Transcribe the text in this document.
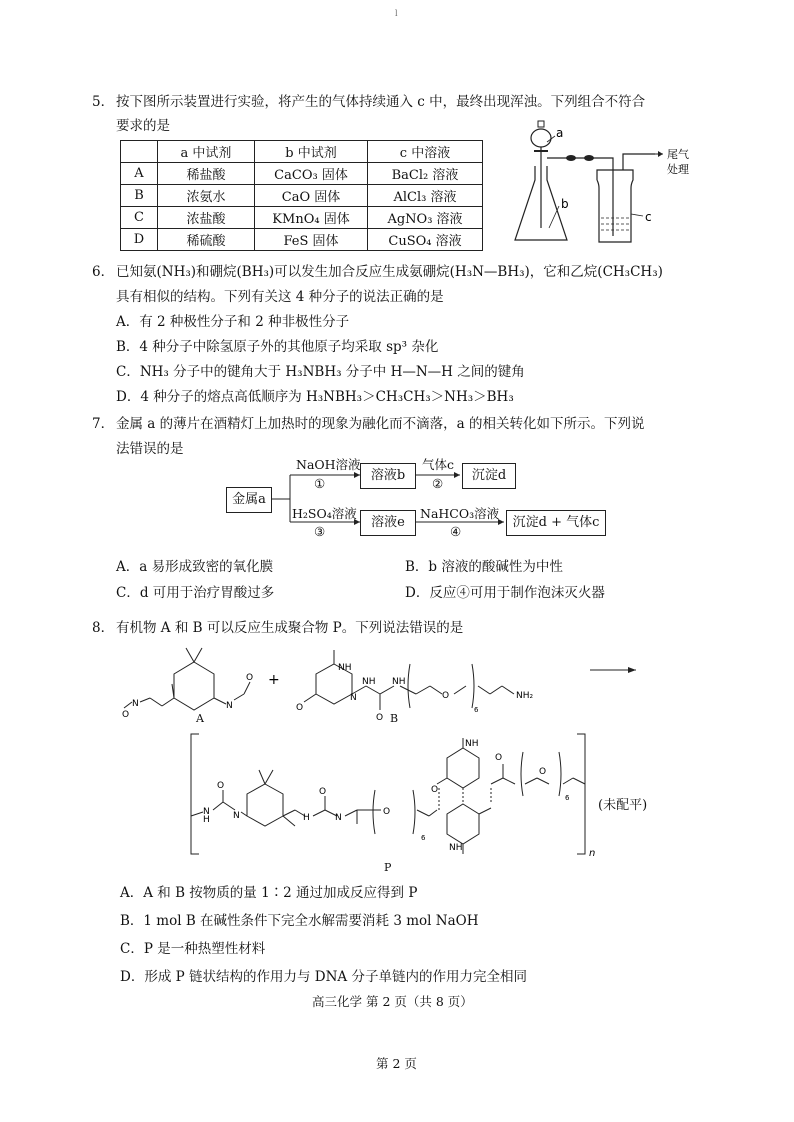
l
5． 按下图所示装置进行实验，将产生的气体持续通入 c 中，最终出现浑浊。下列组合不符合
要求的是
	a 中试剂	b 中试剂	c 中溶液
A	稀盐酸	CaCO₃ 固体	BaCl₂ 溶液
B	浓氨水	CaO 固体	AlCl₃ 溶液
C	浓盐酸	KMnO₄ 固体	AgNO₃ 溶液
D	稀硫酸	FeS 固体	CuSO₄ 溶液
a
b
c
尾气
处理
6． 已知氨(NH₃)和硼烷(BH₃)可以发生加合反应生成氨硼烷(H₃N—BH₃)，它和乙烷(CH₃CH₃)
具有相似的结构。下列有关这 4 种分子的说法正确的是
A．有 2 种极性分子和 2 种非极性分子
B．4 种分子中除氢原子外的其他原子均采取 sp³ 杂化
C．NH₃ 分子中的键角大于 H₃NBH₃ 分子中 H—N—H 之间的键角
D．4 种分子的熔点高低顺序为 H₃NBH₃＞CH₃CH₃＞NH₃＞BH₃
7． 金属 a 的薄片在酒精灯上加热时的现象为融化而不滴落，a 的相关转化如下所示。下列说
法错误的是
金属a
溶液b	沉淀d
溶液e	沉淀d + 气体c
NaOH溶液
①
气体c
②
H₂SO₄溶液
③
NaHCO₃溶液
④
A．a 易形成致密的氧化膜	B．b 溶液的酸碱性为中性
C．d 可用于治疗胃酸过多	D．反应④可用于制作泡沫灭火器
8． 有机物 A 和 B 可以反应生成聚合物 P。下列说法错误的是
N
O
N
O +
NH
O
N
NH
O
NH
O
6
NH₂
A	B
H
N	N
O
H
O
N
O
6
O
NH
NH
O
O
6
n
(未配平)
P
A．A 和 B 按物质的量 1∶2 通过加成反应得到 P
B．1 mol B 在碱性条件下完全水解需要消耗 3 mol NaOH
C．P 是一种热塑性材料
D．形成 P 链状结构的作用力与 DNA 分子单链内的作用力完全相同
高三化学 第 2 页（共 8 页）
第 2 页
